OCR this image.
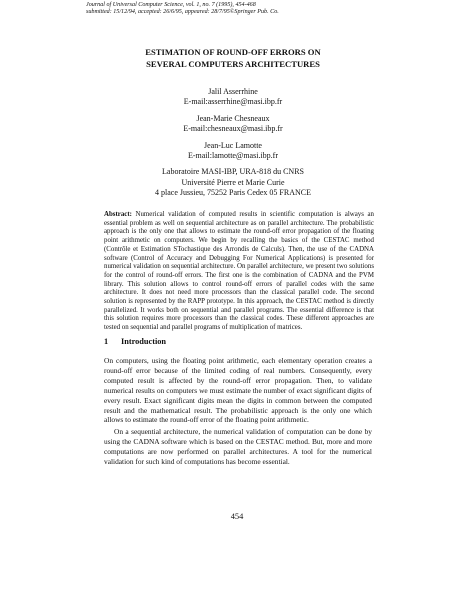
Journal of Universal Computer Science, vol. 1, no. 7 (1995), 454-468
submitted: 15/12/94, accepted: 26/6/95, appeared: 28/7/95©Springer Pub. Co.
ESTIMATION OF ROUND-OFF ERRORS ON
SEVERAL COMPUTERS ARCHITECTURES
Jalil Asserrhine
E-mail:asserrhine@masi.ibp.fr
Jean-Marie Chesneaux
E-mail:chesneaux@masi.ibp.fr
Jean-Luc Lamotte
E-mail:lamotte@masi.ibp.fr
Laboratoire MASI-IBP, URA-818 du CNRS
Université Pierre et Marie Curie
4 place Jussieu, 75252 Paris Cedex 05 FRANCE
Abstract: Numerical validation of computed results in scientific computation is always an essential problem as well on sequential architecture as on parallel architecture. The probabilistic approach is the only one that allows to estimate the round-off error propagation of the floating point arithmetic on computers. We begin by recalling the basics of the CESTAC method (Contrôle et Estimation STochastique des Arrondis de Calculs). Then, the use of the CADNA software (Control of Accuracy and Debugging For Numerical Applications) is presented for numerical validation on sequential architecture. On parallel architecture, we present two solutions for the control of round-off errors. The first one is the combination of CADNA and the PVM library. This solution allows to control round-off errors of parallel codes with the same architecture. It does not need more processors than the classical parallel code. The second solution is represented by the RAPP prototype. In this approach, the CESTAC method is directly parallelized. It works both on sequential and parallel programs. The essential difference is that this solution requires more processors than the classical codes. These different approaches are tested on sequential and parallel programs of multiplication of matrices.
1 Introduction

On computers, using the floating point arithmetic, each elementary operation creates a round-off error because of the limited coding of real numbers. Consequently, every computed result is affected by the round-off error propagation. Then, to validate numerical results on computers we must estimate the number of exact significant digits of every result. Exact significant digits mean the digits in common between the computed result and the mathematical result. The probabilistic approach is the only one which allows to estimate the round-off error of the floating point arithmetic.

On a sequential architecture, the numerical validation of computation can be done by using the CADNA software which is based on the CESTAC method. But, more and more computations are now performed on parallel architectures. A tool for the numerical validation for such kind of computations has become essential.

454
